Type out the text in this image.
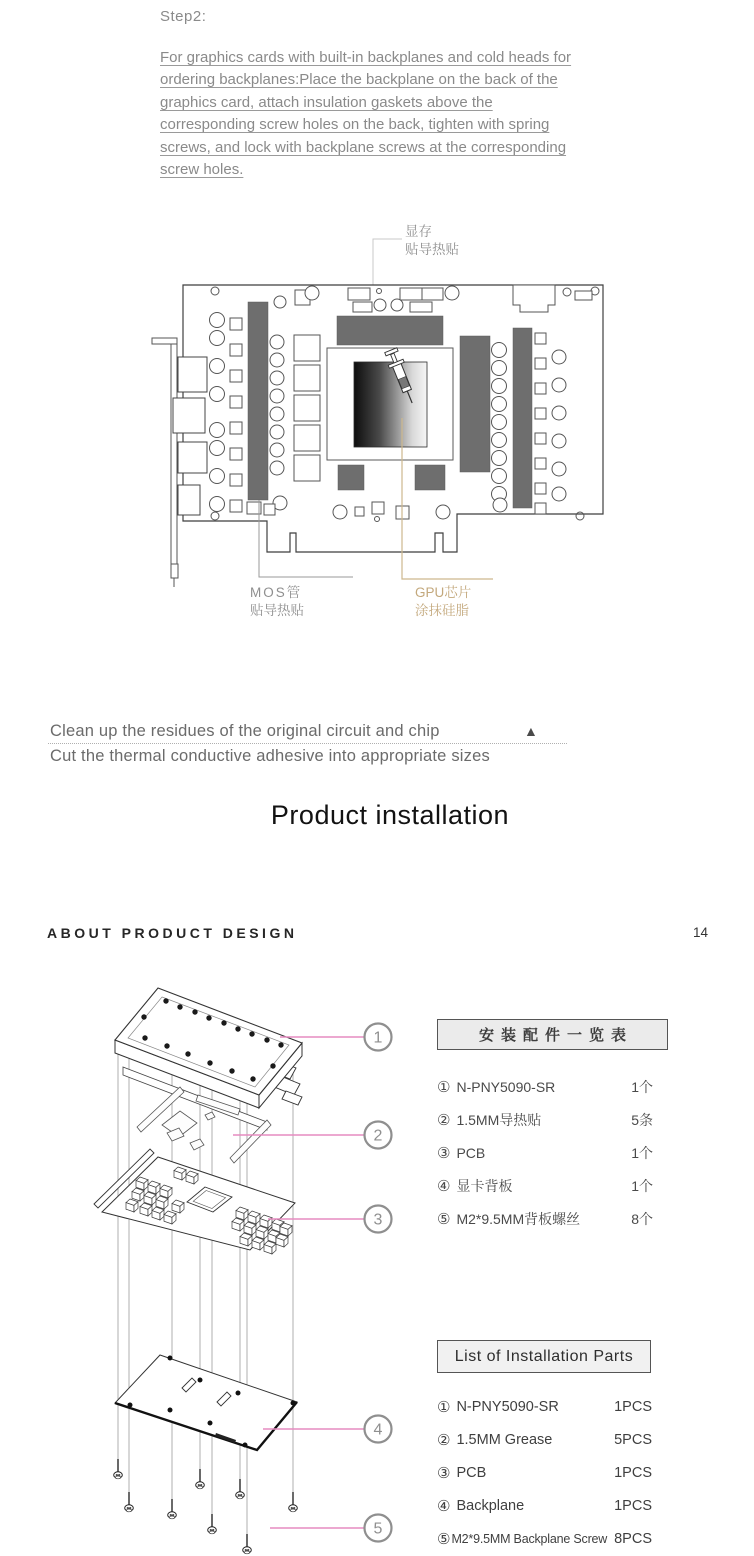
Step2:
For graphics cards with built-in backplanes and cold heads for ordering backplanes:Place the backplane on the back of the graphics card, attach insulation gaskets above the corresponding screw holes on the back, tighten with spring screws, and lock with backplane screws at the corresponding screw holes.
显存
贴导热贴
MOS管
贴导热贴
GPU芯片
涂抹硅脂
Clean up the residues of the original circuit and chip	▲
Cut the thermal conductive adhesive into appropriate sizes
Product installation
ABOUT PRODUCT DESIGN	14
1
2
3
4
5
安装配件一览表
① N-PNY5090-SR	1个
② 1.5MM导热贴	5条
③ PCB	1个
④ 显卡背板	1个
⑤ M2*9.5MM背板螺丝	8个
List of Installation Parts
① N-PNY5090-SR	1PCS
② 1.5MM Grease	5PCS
③ PCB	1PCS
④ Backplane	1PCS
⑤ M2*9.5MM Backplane Screw 8PCS
